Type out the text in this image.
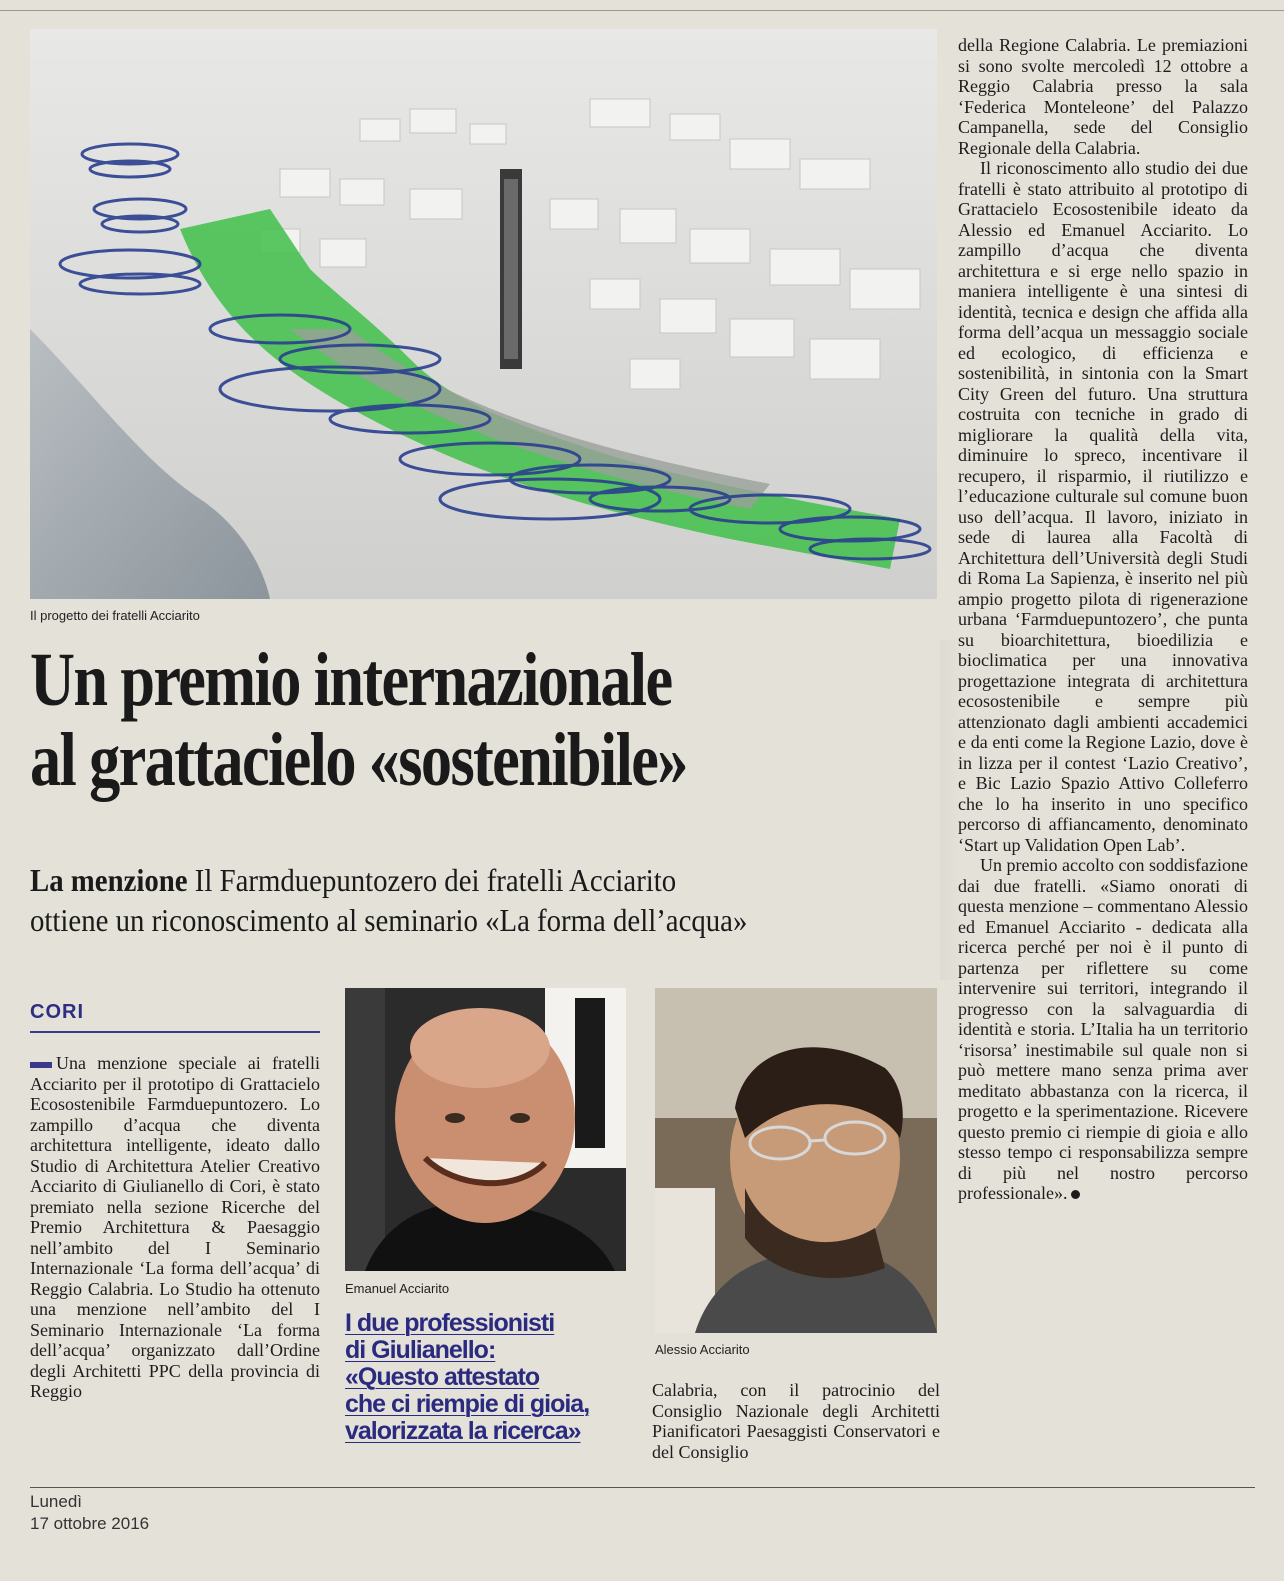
Il progetto dei fratelli Acciarito
Un premio internazionale
al grattacielo «sostenibile»
La menzione Il Farmduepuntozero dei fratelli Acciarito
ottiene un riconoscimento al seminario «La forma dell’acqua»
CORI

Una menzione speciale ai fratelli Acciarito per il prototipo di Grattacielo Ecosostenibile Farmduepuntozero. Lo zampillo d’acqua che diventa architettura intelligente, ideato dallo Studio di Architettura Atelier Creativo Acciarito di Giulianello di Cori, è stato premiato nella sezione Ricerche del Premio Architettura & Paesaggio nell’ambito del I Seminario Internazionale ‘La forma dell’acqua’ di Reggio Calabria. Lo Studio ha ottenuto una menzione nell’ambito del I Seminario Internazionale ‘La forma dell’acqua’ organizzato dall’Ordine degli Architetti PPC della provincia di Reggio

Emanuel Acciarito
I due professionisti
di Giulianello:
«Questo attestato
che ci riempie di gioia,
valorizzata la ricerca»
Alessio Acciarito

Calabria, con il patrocinio del Consiglio Nazionale degli Architetti Pianificatori Paesaggisti Conservatori e del Consiglio

della Regione Calabria. Le premiazioni si sono svolte mercoledì 12 ottobre a Reggio Calabria presso la sala ‘Federica Monteleone’ del Palazzo Campanella, sede del Consiglio Regionale della Calabria.

Il riconoscimento allo studio dei due fratelli è stato attribuito al prototipo di Grattacielo Ecosostenibile ideato da Alessio ed Emanuel Acciarito. Lo zampillo d’acqua che diventa architettura e si erge nello spazio in maniera intelligente è una sintesi di identità, tecnica e design che affida alla forma dell’acqua un messaggio sociale ed ecologico, di efficienza e sostenibilità, in sintonia con la Smart City Green del futuro. Una struttura costruita con tecniche in grado di migliorare la qualità della vita, diminuire lo spreco, incentivare il recupero, il risparmio, il riutilizzo e l’educazione culturale sul comune buon uso dell’acqua. Il lavoro, iniziato in sede di laurea alla Facoltà di Architettura dell’Università degli Studi di Roma La Sapienza, è inserito nel più ampio progetto pilota di rigenerazione urbana ‘Farmduepuntozero’, che punta su bioarchitettura, bioedilizia e bioclimatica per una innovativa progettazione integrata di architettura ecosostenibile e sempre più attenzionato dagli ambienti accademici e da enti come la Regione Lazio, dove è in lizza per il contest ‘Lazio Creativo’, e Bic Lazio Spazio Attivo Colleferro che lo ha inserito in uno specifico percorso di affiancamento, denominato ‘Start up Validation Open Lab’.

Un premio accolto con soddisfazione dai due fratelli. «Siamo onorati di questa menzione – commentano Alessio ed Emanuel Acciarito - dedicata alla ricerca perché per noi è il punto di partenza per riflettere su come intervenire sui territori, integrando il progresso con la salvaguardia di identità e storia. L’Italia ha un territorio ‘risorsa’ inestimabile sul quale non si può mettere mano senza prima aver meditato abbastanza con la ricerca, il progetto e la sperimentazione. Ricevere questo premio ci riempie di gioia e allo stesso tempo ci responsabilizza sempre di più nel nostro percorso professionale».

Lunedì
17 ottobre 2016
